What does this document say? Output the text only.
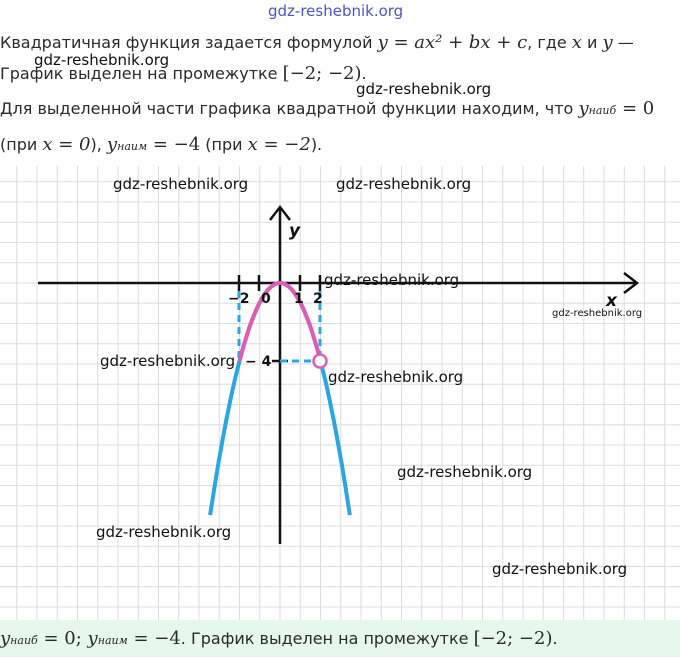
gdz-reshebnik.org
Квадратичная функция задается формулой y = ax² + bx + c, где x и y —
gdz-reshebnik.org
График выделен на промежутке [−2; −2).
gdz-reshebnik.org
Для выделенной части графика квадратной функции находим, что yнаиб = 0
(при x = 0), yнаим = −4 (при x = −2).
−2 0 1 2
− 4
y
x
gdz-reshebnik.org	gdz-reshebnik.org
gdz-reshebnik.org
gdz-reshebnik.org
gdz-reshebnik.org
gdz-reshebnik.org
gdz-reshebnik.org
gdz-reshebnik.org
gdz-reshebnik.org
yнаиб = 0; yнаим = −4. График выделен на промежутке [−2; −2).
